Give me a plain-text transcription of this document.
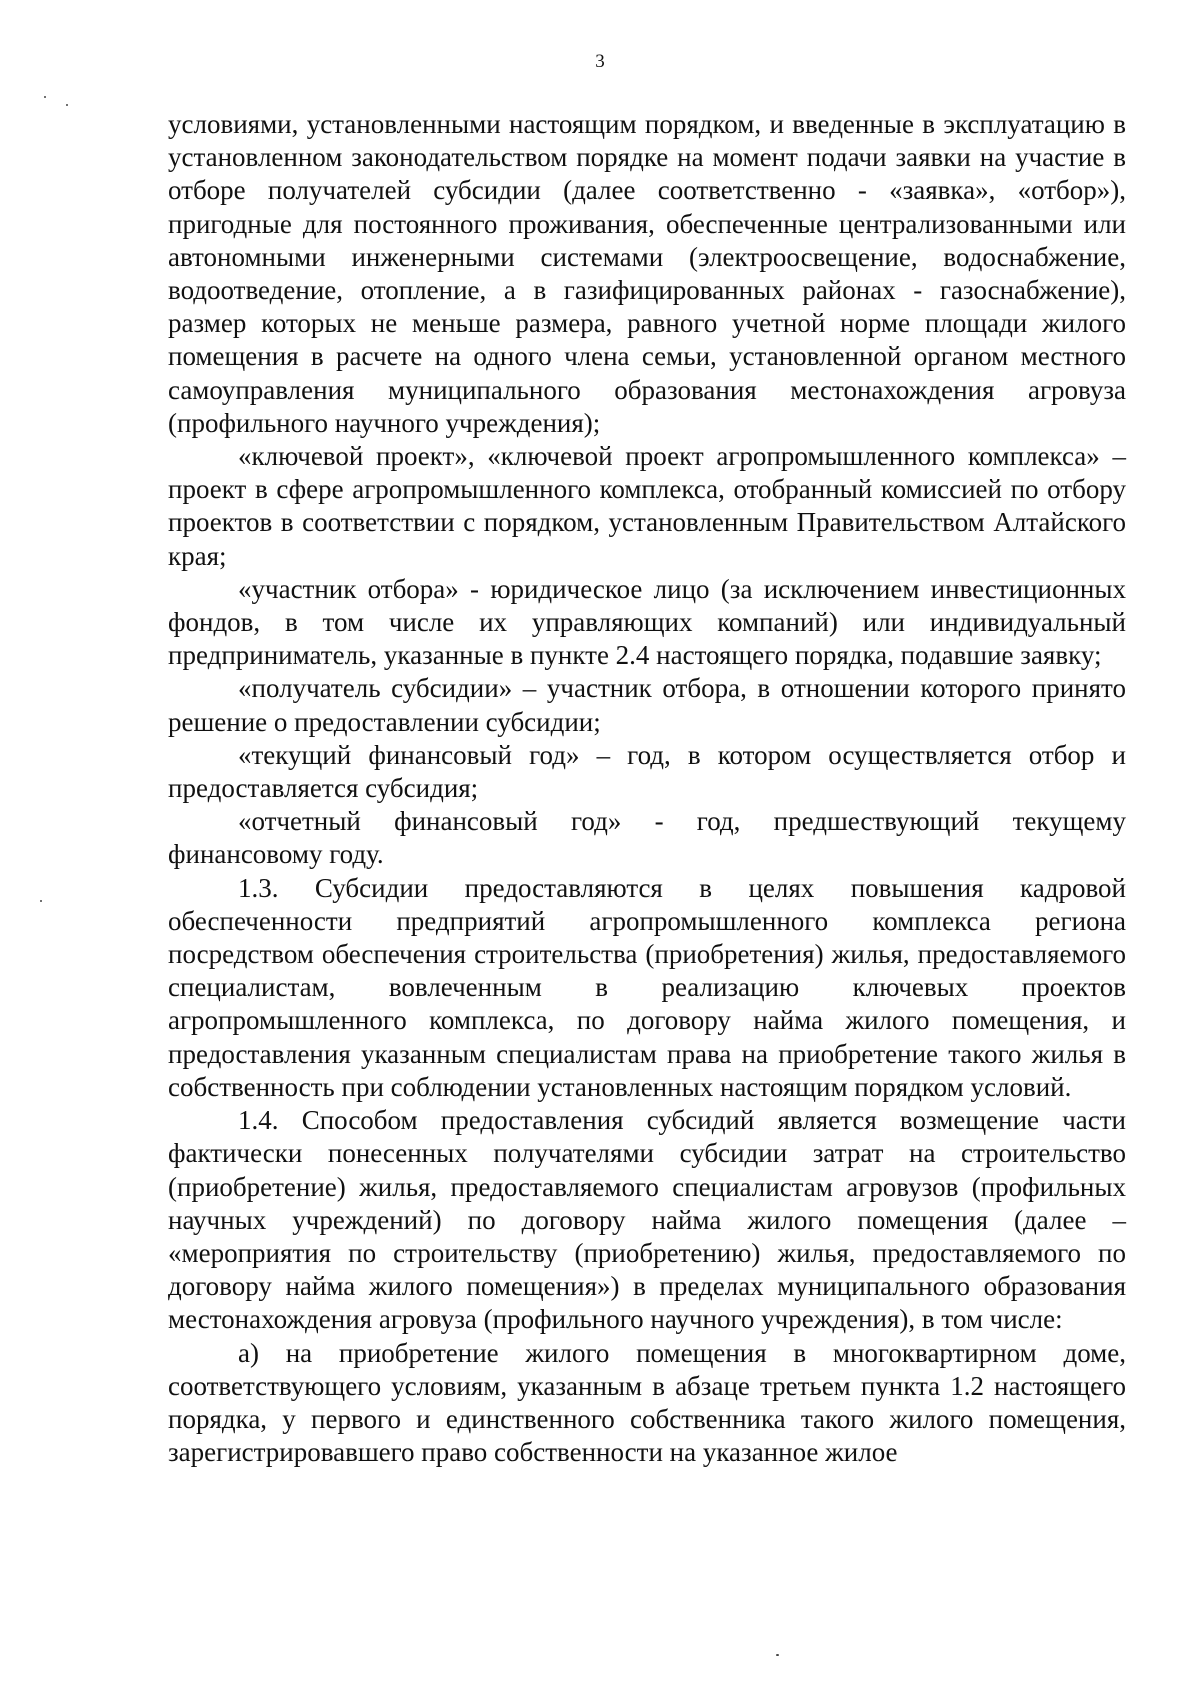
3

условиями, установленными настоящим порядком, и введенные в эксплуатацию в установленном законодательством порядке на момент подачи заявки на участие в отборе получателей субсидии (далее соответственно - «заявка», «отбор»), пригодные для постоянного проживания, обеспеченные централизованными или автономными инженерными системами (электроосвещение, водоснабжение, водоотведение, отопление, а в газифицированных районах - газоснабжение), размер которых не меньше размера, равного учетной норме площади жилого помещения в расчете на одного члена семьи, установленной органом местного самоуправления муниципального образования местонахождения агровуза (профильного научного учреждения);

«ключевой проект», «ключевой проект агропромышленного комплекса» – проект в сфере агропромышленного комплекса, отобранный комиссией по отбору проектов в соответствии с порядком, установленным Правительством Алтайского края;

«участник отбора» - юридическое лицо (за исключением инвестиционных фондов, в том числе их управляющих компаний) или индивидуальный предприниматель, указанные в пункте 2.4 настоящего порядка, подавшие заявку;

«получатель субсидии» – участник отбора, в отношении которого принято решение о предоставлении субсидии;

«текущий финансовый год» – год, в котором осуществляется отбор и предоставляется субсидия;

«отчетный финансовый год» - год, предшествующий текущему финансовому году.

1.3. Субсидии предоставляются в целях повышения кадровой обеспеченности предприятий агропромышленного комплекса региона посредством обеспечения строительства (приобретения) жилья, предоставляемого специалистам, вовлеченным в реализацию ключевых проектов агропромышленного комплекса, по договору найма жилого помещения, и предоставления указанным специалистам права на приобретение такого жилья в собственность при соблюдении установленных настоящим порядком условий.

1.4. Способом предоставления субсидий является возмещение части фактически понесенных получателями субсидии затрат на строительство (приобретение) жилья, предоставляемого специалистам агровузов (профильных научных учреждений) по договору найма жилого помещения (далее – «мероприятия по строительству (приобретению) жилья, предоставляемого по договору найма жилого помещения») в пределах муниципального образования местонахождения агровуза (профильного научного учреждения), в том числе:

а) на приобретение жилого помещения в многоквартирном доме, соответствующего условиям, указанным в абзаце третьем пункта 1.2 настоящего порядка, у первого и единственного собственника такого жилого помещения, зарегистрировавшего право собственности на указанное жилое
